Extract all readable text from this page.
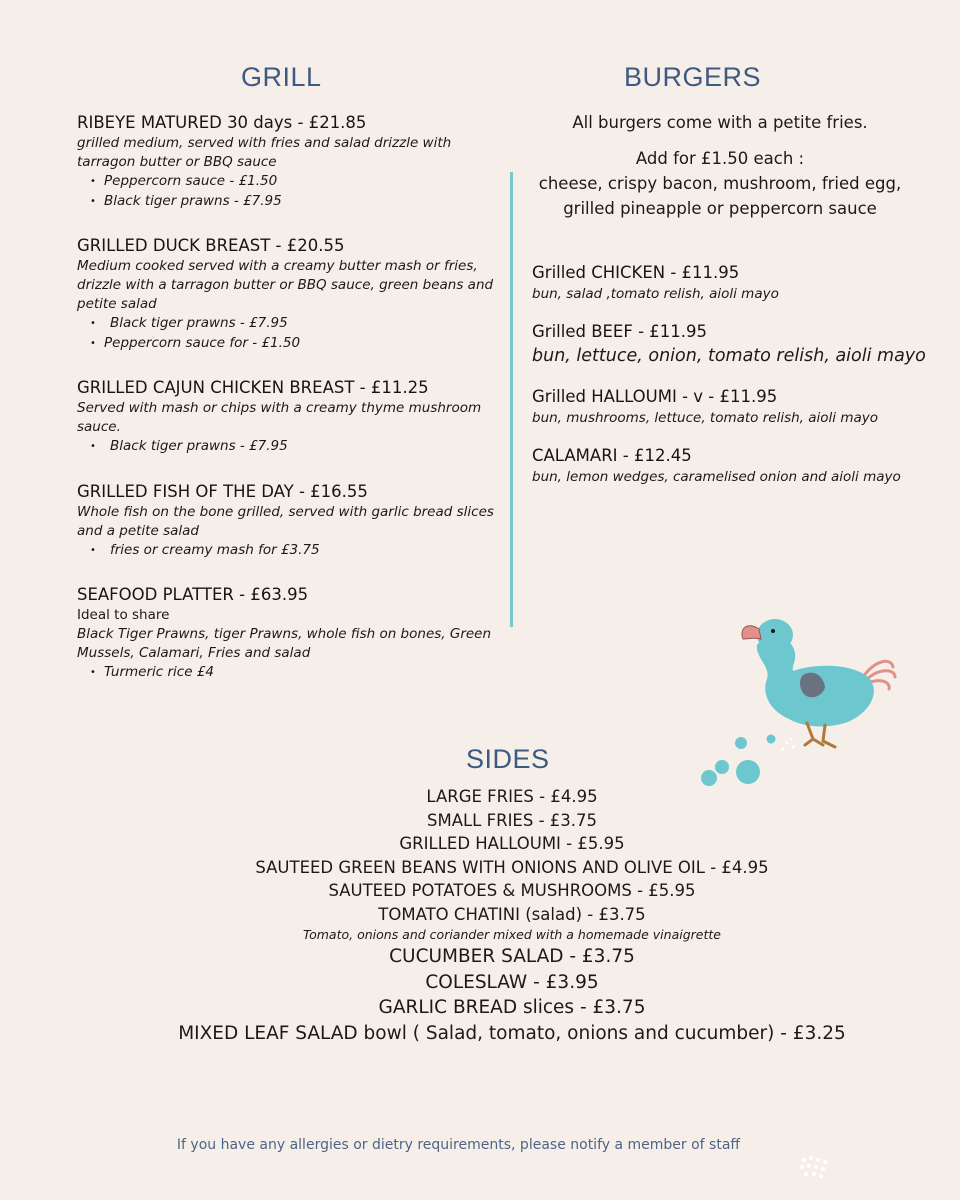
GRILL

RIBEYE MATURED 30 days - £21.85

grilled medium, served with fries and salad drizzle with tarragon butter or BBQ sauce

• Peppercorn sauce - £1.50
• Black tiger prawns - £7.95

GRILLED DUCK BREAST - £20.55

Medium cooked served with a creamy butter mash or fries, drizzle with a tarragon butter or BBQ sauce, green beans and petite salad

• Black tiger prawns - £7.95
• Peppercorn sauce for - £1.50

GRILLED CAJUN CHICKEN BREAST - £11.25

Served with mash or chips with a creamy thyme mushroom sauce.

• Black tiger prawns - £7.95

GRILLED FISH OF THE DAY - £16.55

Whole fish on the bone grilled, served with garlic bread slices and a petite salad

• fries or creamy mash for £3.75

SEAFOOD PLATTER - £63.95

Ideal to share

Black Tiger Prawns, tiger Prawns, whole fish on bones, Green Mussels, Calamari, Fries and salad

• Turmeric rice £4
BURGERS
All burgers come with a petite fries.
Add for £1.50 each :
cheese, crispy bacon, mushroom, fried egg,
grilled pineapple or peppercorn sauce

Grilled CHICKEN - £11.95

bun, salad ,tomato relish, aioli mayo

Grilled BEEF - £11.95

bun, lettuce, onion, tomato relish, aioli mayo

Grilled HALLOUMI - v - £11.95

bun, mushrooms, lettuce, tomato relish, aioli mayo

CALAMARI - £12.45

bun, lemon wedges, caramelised onion and aioli mayo

SIDES

LARGE FRIES - £4.95

SMALL FRIES - £3.75

GRILLED HALLOUMI - £5.95

SAUTEED GREEN BEANS WITH ONIONS AND OLIVE OIL - £4.95

SAUTEED POTATOES & MUSHROOMS - £5.95

TOMATO CHATINI (salad) - £3.75

Tomato, onions and coriander mixed with a homemade vinaigrette

CUCUMBER SALAD - £3.75

COLESLAW - £3.95

GARLIC BREAD slices - £3.75

MIXED LEAF SALAD bowl ( Salad, tomato, onions and cucumber) - £3.25

If you have any allergies or dietry requirements, please notify a member of staff
